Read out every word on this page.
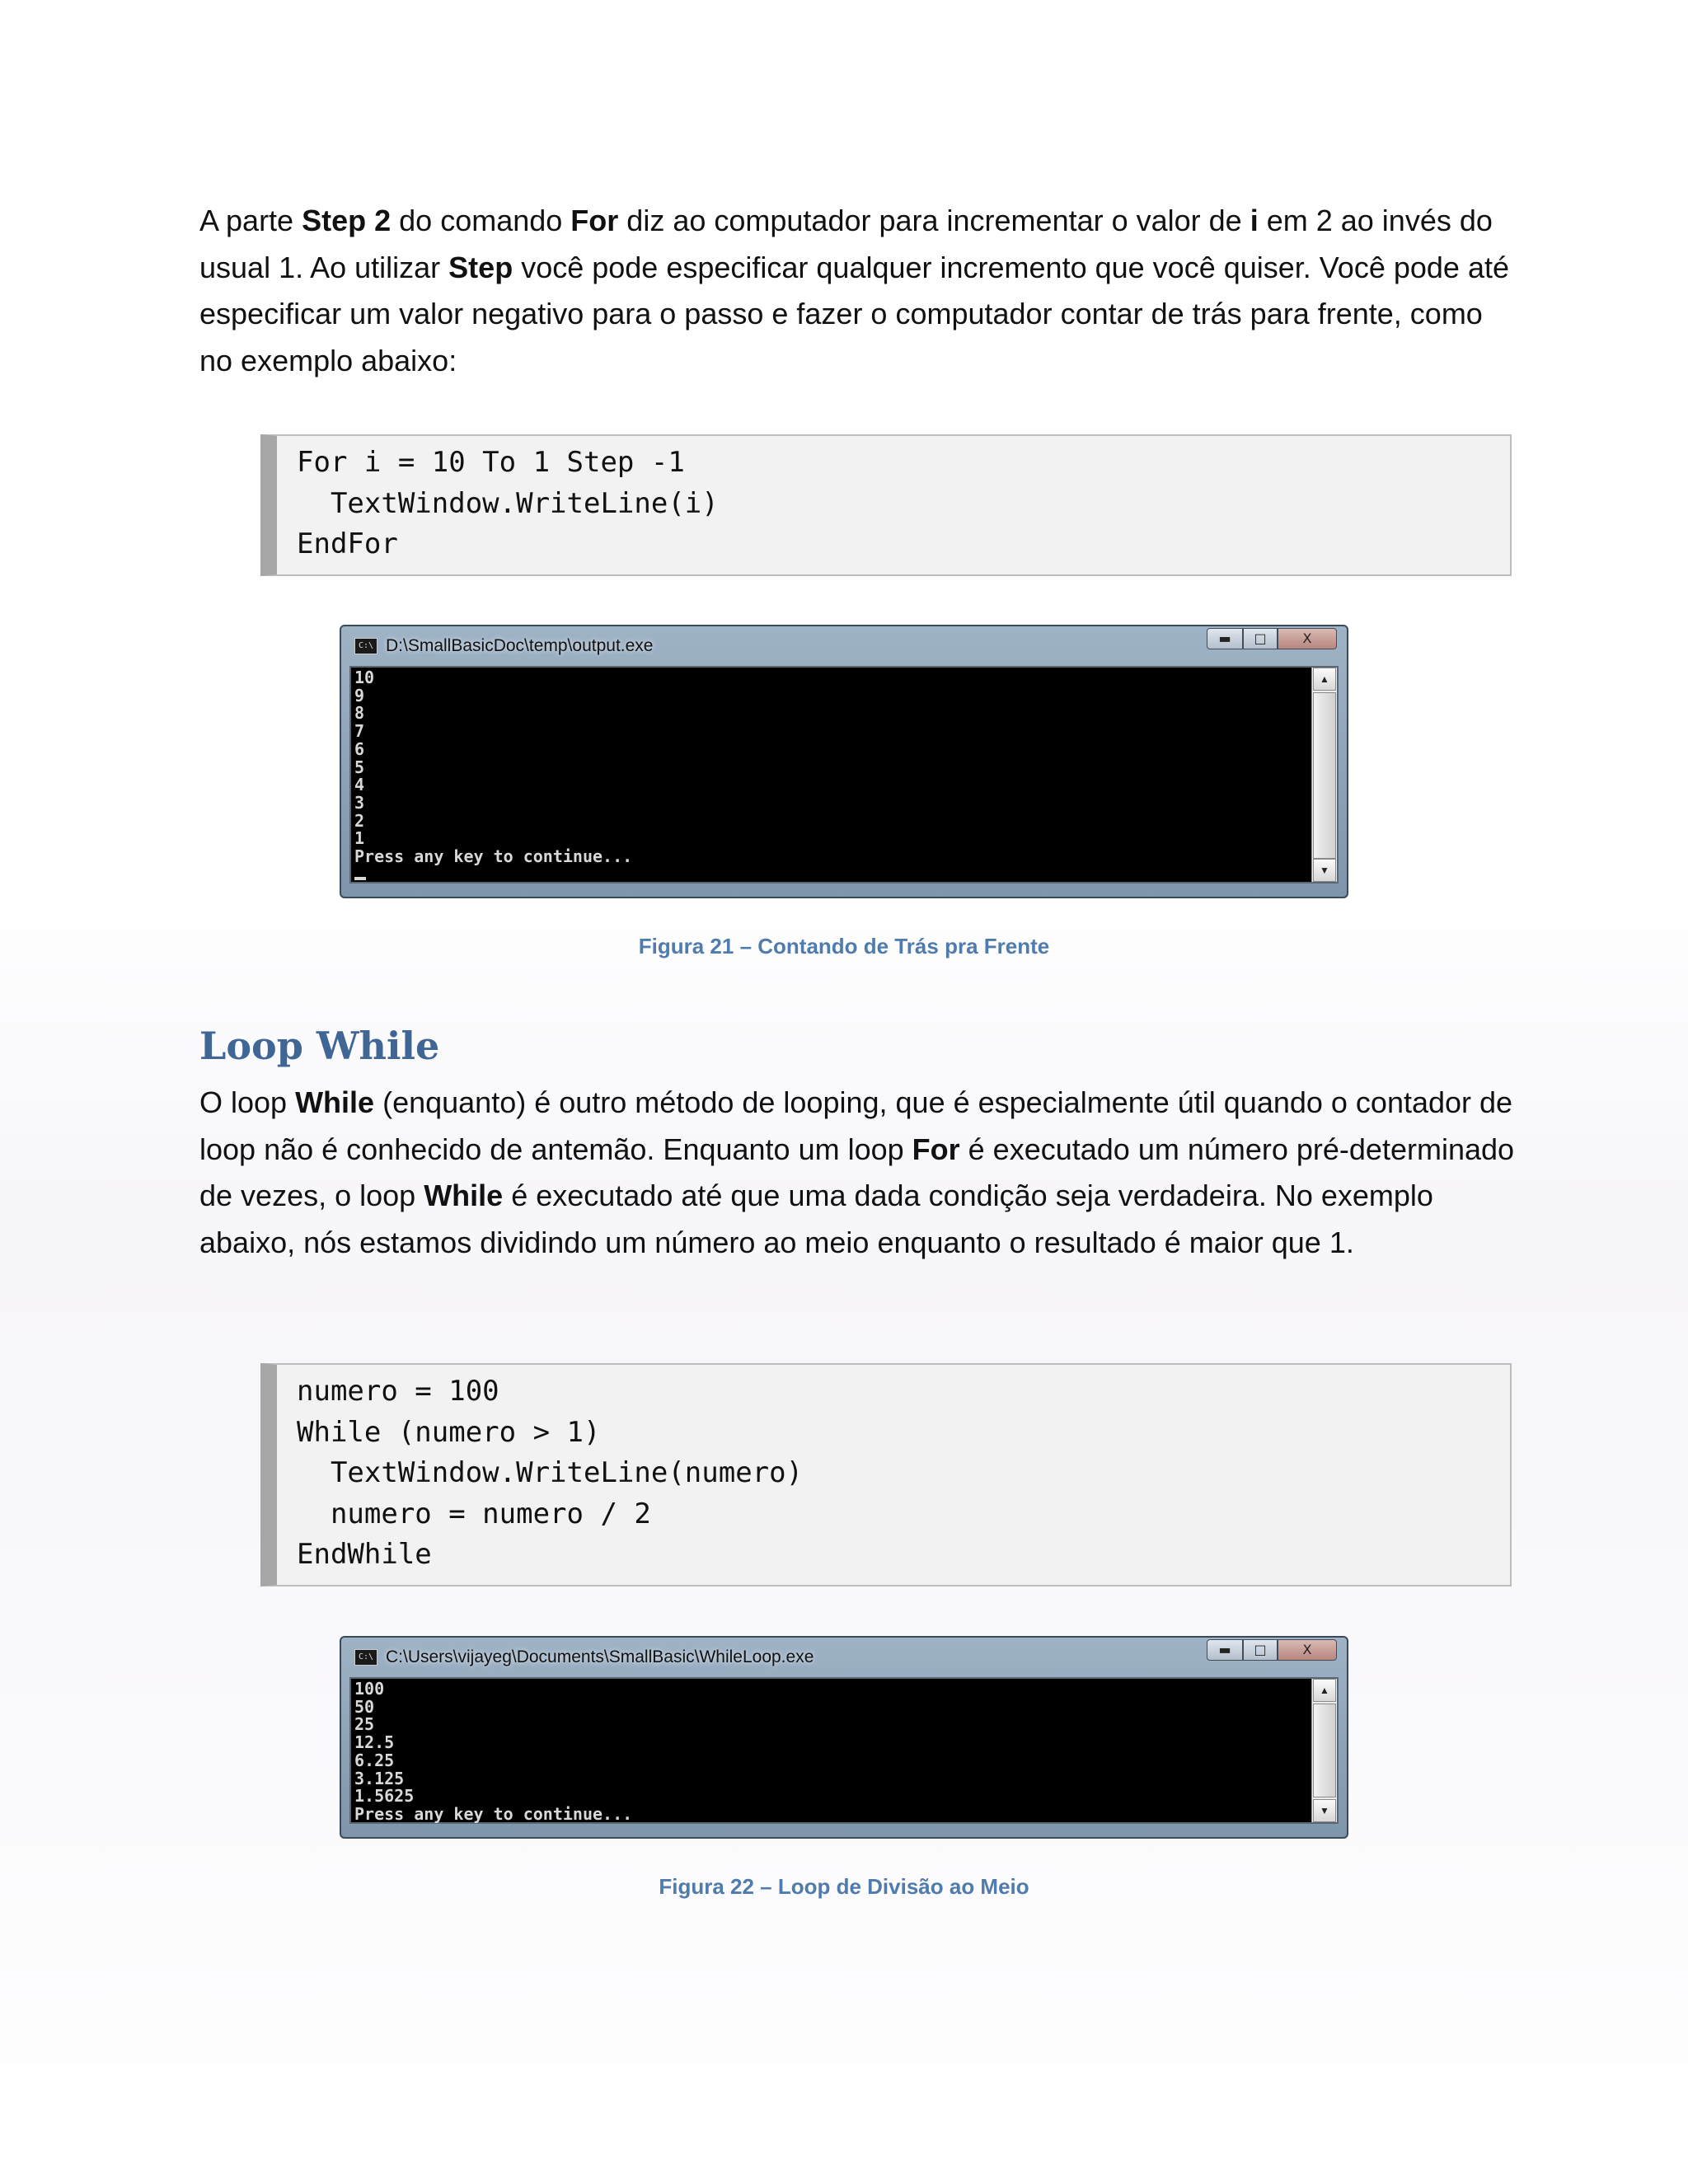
A parte Step 2 do comando For diz ao computador para incrementar o valor de i em 2 ao invés do usual 1. Ao utilizar Step você pode especificar qualquer incremento que você quiser. Você pode até especificar um valor negativo para o passo e fazer o computador contar de trás para frente, como no exemplo abaixo:

For i = 10 To 1 Step -1
TextWindow.WriteLine(i)
EndFor
C:\ D:\SmallBasicDoc\temp\output.exe	▬	□	X
10
9
8
7
6
5
4
3
2
1
Press any key to continue...
▲
▼
Figura 21 – Contando de Trás pra Frente
Loop While

O loop While (enquanto) é outro método de looping, que é especialmente útil quando o contador de loop não é conhecido de antemão. Enquanto um loop For é executado um número pré-determinado de vezes, o loop While é executado até que uma dada condição seja verdadeira. No exemplo abaixo, nós estamos dividindo um número ao meio enquanto o resultado é maior que 1.

numero = 100
While (numero > 1)
TextWindow.WriteLine(numero)
numero = numero / 2
EndWhile
C:\ C:\Users\vijayeg\Documents\SmallBasic\WhileLoop.exe	▬	□	X
100
50
25
12.5
6.25
3.125
1.5625
Press any key to continue...
▲
▼
Figura 22 – Loop de Divisão ao Meio
